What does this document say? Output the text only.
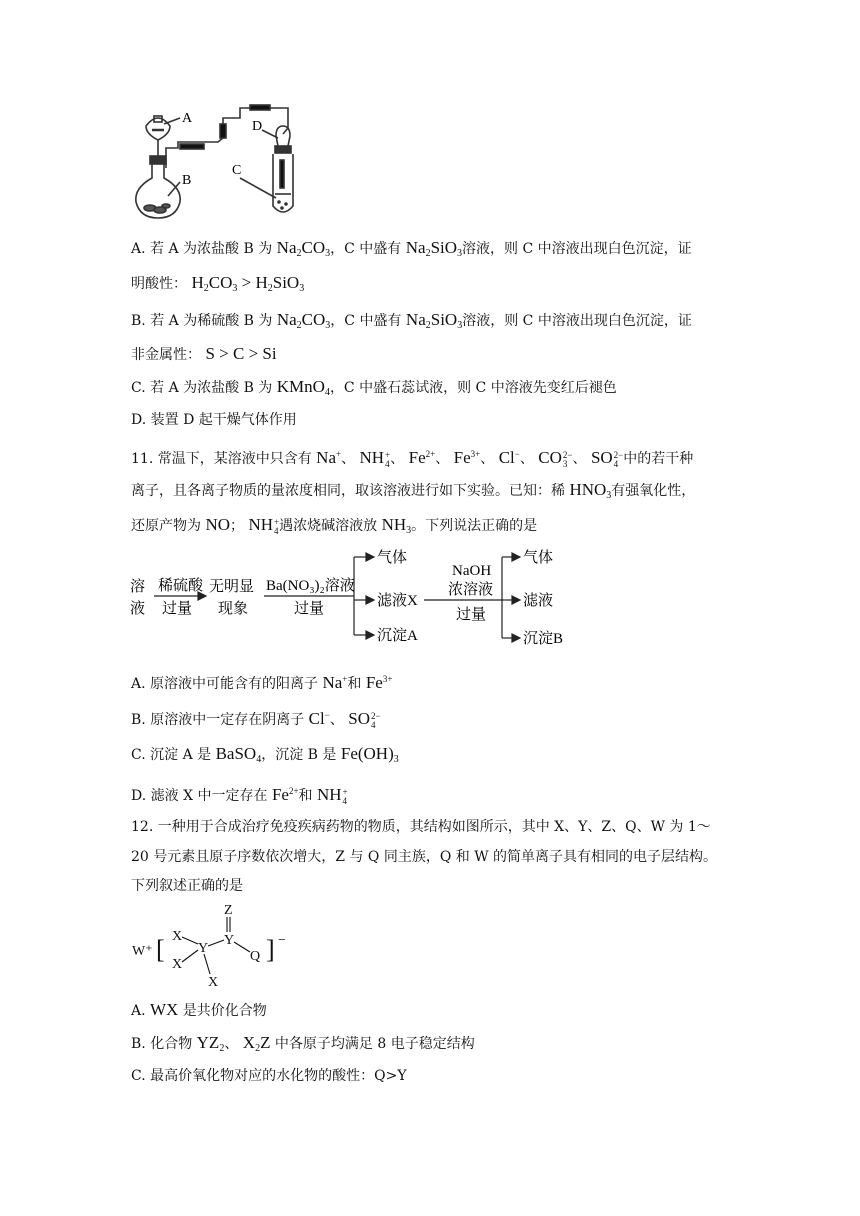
A
B
C
D
A. 若 A 为浓盐酸 B 为 $Na_2CO_3$，C 中盛有 $Na_2SiO_3$溶液，则 C 中溶液出现白色沉淀，证
明酸性： $H_2CO_3 > H_2SiO_3$
B. 若 A 为稀硫酸 B 为 $Na_2CO_3$，C 中盛有 $Na_2SiO_3$溶液，则 C 中溶液出现白色沉淀，证
非金属性： S > C > Si
C. 若 A 为浓盐酸 B 为 KMnO$_4$，C 中盛石蕊试液，则 C 中溶液先变红后褪色
D. 装置 D 起干燥气体作用
11. 常温下，某溶液中只含有 Na+、 NH +
4 、 $Fe^{2+}$、 $Fe^{3+}$、 Cl−、 CO 2−
3 、 SO 2−
4 中的若干种
离子，且各离子物质的量浓度相同，取该溶液进行如下实验。已知：稀 $HNO_3$有强氧化性，
还原产物为 NO； NH +
4 遇浓烧碱溶液放 $NH_3$。下列说法正确的是
溶
液
稀硫酸
过量
无明显
现象
Ba(NO₃)₂溶液
过量
气体
滤液X
沉淀A
NaOH
浓溶液
过量
气体
滤液
沉淀B
A. 原溶液中可能含有的阳离子 Na+和 $Fe^{3+}$
B. 原溶液中一定存在阴离子 Cl−、 SO 2−
4
C. 沉淀 A 是 BaSO$_4$，沉淀 B 是 $Fe(OH)_3$
D. 滤液 X 中一定存在 $Fe^{2+}$和 NH +
4
12. 一种用于合成治疗免疫疾病药物的物质，其结构如图所示，其中 X、Y、Z、Q、W 为 1～
20 号元素且原子序数依次增大，Z 与 Q 同主族，Q 和 W 的简单离子具有相同的电子层结构。
下列叙述正确的是
W⁺ [ X
X
Y
Y
Z
X
Q ] −
A. WX 是共价化合物
B. 化合物 $YZ_2$、 $X_2Z$ 中各原子均满足 8 电子稳定结构
C. 最高价氧化物对应的水化物的酸性：Q>Y
